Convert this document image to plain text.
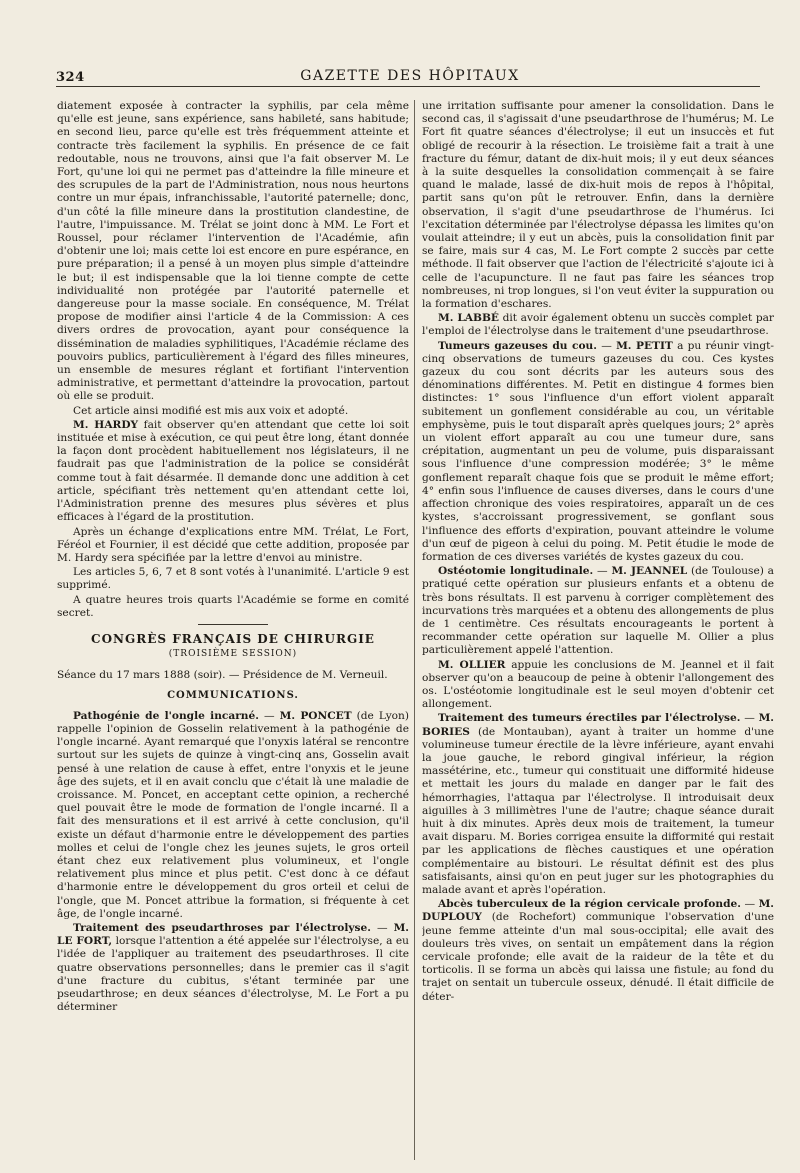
324	GAZETTE DES HÔPITAUX

diatement exposée à contracter la syphilis, par cela même qu'elle est jeune, sans expérience, sans habileté, sans habitude; en second lieu, parce qu'elle est très fréquemment atteinte et contracte très facilement la syphilis. En présence de ce fait redoutable, nous ne trouvons, ainsi que l'a fait observer M. Le Fort, qu'une loi qui ne permet pas d'atteindre la fille mineure et des scrupules de la part de l'Administration, nous nous heurtons contre un mur épais, infranchissable, l'autorité paternelle; donc, d'un côté la fille mineure dans la prostitution clandestine, de l'autre, l'impuissance. M. Trélat se joint donc à MM. Le Fort et Roussel, pour réclamer l'intervention de l'Académie, afin d'obtenir une loi; mais cette loi est encore en pure espérance, en pure préparation; il a pensé à un moyen plus simple d'atteindre le but; il est indispensable que la loi tienne compte de cette individualité non protégée par l'autorité paternelle et dangereuse pour la masse sociale. En conséquence, M. Trélat propose de modifier ainsi l'article 4 de la Commission: A ces divers ordres de provocation, ayant pour conséquence la dissémination de maladies syphilitiques, l'Académie réclame des pouvoirs publics, particulièrement à l'égard des filles mineures, un ensemble de mesures réglant et fortifiant l'intervention administrative, et permettant d'atteindre la provocation, partout où elle se produit.

Cet article ainsi modifié est mis aux voix et adopté.

M. HARDY fait observer qu'en attendant que cette loi soit instituée et mise à exécution, ce qui peut être long, étant donnée la façon dont procèdent habituellement nos législateurs, il ne faudrait pas que l'administration de la police se considérât comme tout à fait désarmée. Il demande donc une addition à cet article, spécifiant très nettement qu'en attendant cette loi, l'Administration prenne des mesures plus sévères et plus efficaces à l'égard de la prostitution.

Après un échange d'explications entre MM. Trélat, Le Fort, Féréol et Fournier, il est décidé que cette addition, proposée par M. Hardy sera spécifiée par la lettre d'envoi au ministre.

Les articles 5, 6, 7 et 8 sont votés à l'unanimité. L'article 9 est supprimé.

A quatre heures trois quarts l'Académie se forme en comité secret.

CONGRÈS FRANÇAIS DE CHIRURGIE
(TROISIÈME SESSION)

Séance du 17 mars 1888 (soir). — Présidence de M. Verneuil.

COMMUNICATIONS.

Pathogénie de l'ongle incarné. — M. PONCET (de Lyon) rappelle l'opinion de Gosselin relativement à la pathogénie de l'ongle incarné. Ayant remarqué que l'onyxis latéral se rencontre surtout sur les sujets de quinze à vingt-cinq ans, Gosselin avait pensé à une relation de cause à effet, entre l'onyxis et le jeune âge des sujets, et il en avait conclu que c'était là une maladie de croissance. M. Poncet, en acceptant cette opinion, a recherché quel pouvait être le mode de formation de l'ongle incarné. Il a fait des mensurations et il est arrivé à cette conclusion, qu'il existe un défaut d'harmonie entre le développement des parties molles et celui de l'ongle chez les jeunes sujets, le gros orteil étant chez eux relativement plus volumineux, et l'ongle relativement plus mince et plus petit. C'est donc à ce défaut d'harmonie entre le développement du gros orteil et celui de l'ongle, que M. Poncet attribue la formation, si fréquente à cet âge, de l'ongle incarné.

Traitement des pseudarthroses par l'électrolyse. — M. LE FORT, lorsque l'attention a été appelée sur l'électrolyse, a eu l'idée de l'appliquer au traitement des pseudarthroses. Il cite quatre observations personnelles; dans le premier cas il s'agit d'une fracture du cubitus, s'étant terminée par une pseudarthrose; en deux séances d'électrolyse, M. Le Fort a pu déterminer

une irritation suffisante pour amener la consolidation. Dans le second cas, il s'agissait d'une pseudarthrose de l'humérus; M. Le Fort fit quatre séances d'électrolyse; il eut un insuccès et fut obligé de recourir à la résection. Le troisième fait a trait à une fracture du fémur, datant de dix-huit mois; il y eut deux séances à la suite desquelles la consolidation commençait à se faire quand le malade, lassé de dix-huit mois de repos à l'hôpital, partit sans qu'on pût le retrouver. Enfin, dans la dernière observation, il s'agit d'une pseudarthrose de l'humérus. Ici l'excitation déterminée par l'électrolyse dépassa les limites qu'on voulait atteindre; il y eut un abcès, puis la consolidation finit par se faire, mais sur 4 cas, M. Le Fort compte 2 succès par cette méthode. Il fait observer que l'action de l'électricité s'ajoute ici à celle de l'acupuncture. Il ne faut pas faire les séances trop nombreuses, ni trop longues, si l'on veut éviter la suppuration ou la formation d'eschares.

M. LABBÉ dit avoir également obtenu un succès complet par l'emploi de l'électrolyse dans le traitement d'une pseudarthrose.

Tumeurs gazeuses du cou. — M. PETIT a pu réunir vingt-cinq observations de tumeurs gazeuses du cou. Ces kystes gazeux du cou sont décrits par les auteurs sous des dénominations différentes. M. Petit en distingue 4 formes bien distinctes: 1° sous l'influence d'un effort violent apparaît subitement un gonflement considérable au cou, un véritable emphysème, puis le tout disparaît après quelques jours; 2° après un violent effort apparaît au cou une tumeur dure, sans crépitation, augmentant un peu de volume, puis disparaissant sous l'influence d'une compression modérée; 3° le même gonflement reparaît chaque fois que se produit le même effort; 4° enfin sous l'influence de causes diverses, dans le cours d'une affection chronique des voies respiratoires, apparaît un de ces kystes, s'accroissant progressivement, se gonflant sous l'influence des efforts d'expiration, pouvant atteindre le volume d'un œuf de pigeon à celui du poing. M. Petit étudie le mode de formation de ces diverses variétés de kystes gazeux du cou.

Ostéotomie longitudinale. — M. JEANNEL (de Toulouse) a pratiqué cette opération sur plusieurs enfants et a obtenu de très bons résultats. Il est parvenu à corriger complètement des incurvations très marquées et a obtenu des allongements de plus de 1 centimètre. Ces résultats encourageants le portent à recommander cette opération sur laquelle M. Ollier a plus particulièrement appelé l'attention.

M. OLLIER appuie les conclusions de M. Jeannel et il fait observer qu'on a beaucoup de peine à obtenir l'allongement des os. L'ostéotomie longitudinale est le seul moyen d'obtenir cet allongement.

Traitement des tumeurs érectiles par l'électrolyse. — M. BORIES (de Montauban), ayant à traiter un homme d'une volumineuse tumeur érectile de la lèvre inférieure, ayant envahi la joue gauche, le rebord gingival inférieur, la région massétérine, etc., tumeur qui constituait une difformité hideuse et mettait les jours du malade en danger par le fait des hémorrhagies, l'attaqua par l'électrolyse. Il introduisait deux aiguilles à 3 millimètres l'une de l'autre; chaque séance durait huit à dix minutes. Après deux mois de traitement, la tumeur avait disparu. M. Bories corrigea ensuite la difformité qui restait par les applications de flèches caustiques et une opération complémentaire au bistouri. Le résultat définit est des plus satisfaisants, ainsi qu'on en peut juger sur les photographies du malade avant et après l'opération.

Abcès tuberculeux de la région cervicale profonde. — M. DUPLOUY (de Rochefort) communique l'observation d'une jeune femme atteinte d'un mal sous-occipital; elle avait des douleurs très vives, on sentait un empâtement dans la région cervicale profonde; elle avait de la raideur de la tête et du torticolis. Il se forma un abcès qui laissa une fistule; au fond du trajet on sentait un tubercule osseux, dénudé. Il était difficile de déter-
